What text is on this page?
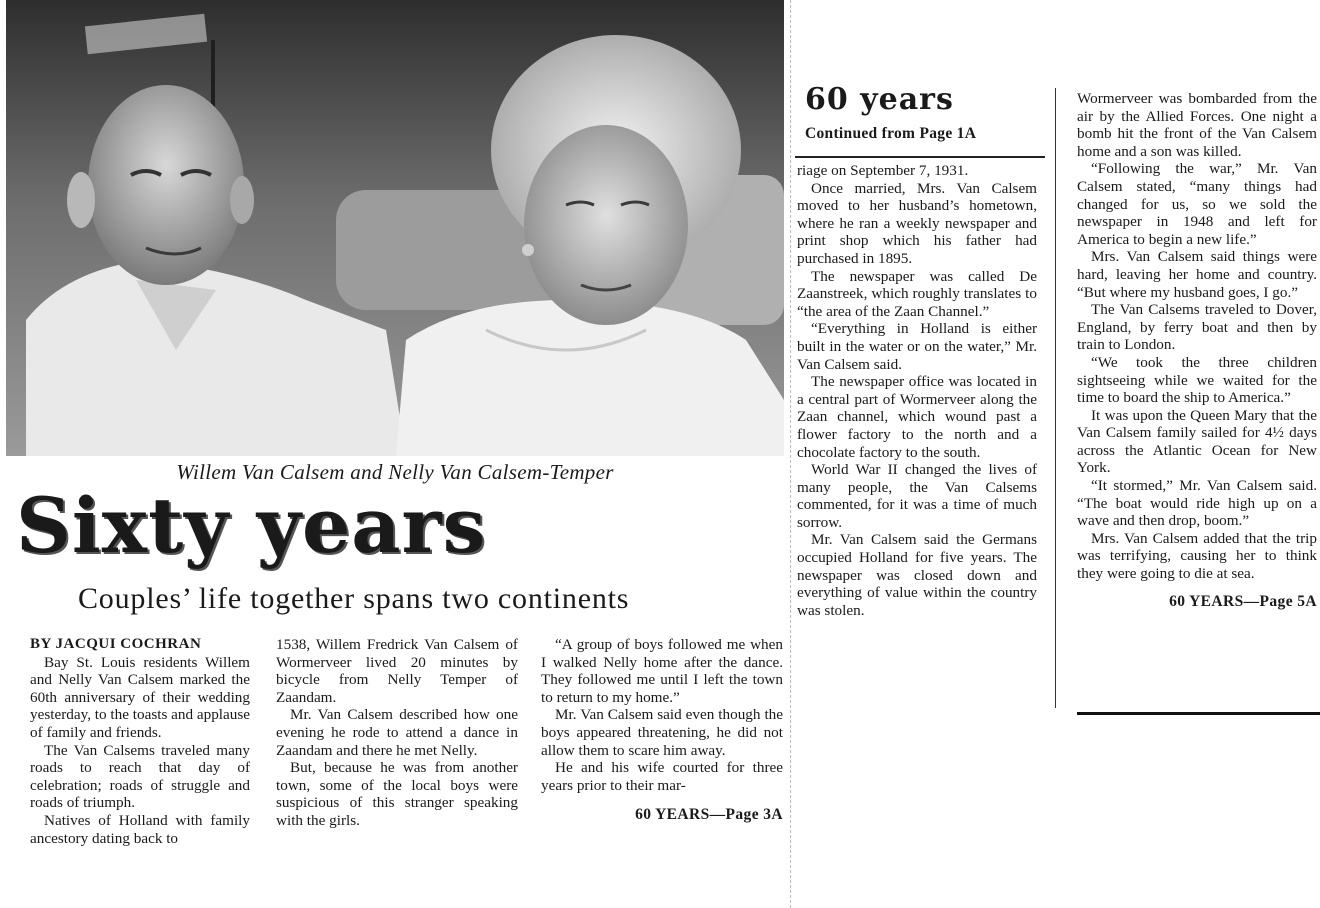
Willem Van Calsem and Nelly Van Calsem-Temper
Sixty years
Couples’ life together spans two continents

BY JACQUI COCHRAN

Bay St. Louis residents Willem and Nelly Van Calsem marked the 60th anniversary of their wedding yesterday, to the toasts and applause of family and friends.

The Van Calsems traveled many roads to reach that day of celebration; roads of struggle and roads of triumph.

Natives of Holland with family ancestory dating back to

1538, Willem Fredrick Van Calsem of Wormerveer lived 20 minutes by bicycle from Nelly Temper of Zaandam.

Mr. Van Calsem described how one evening he rode to attend a dance in Zaandam and there he met Nelly.

But, because he was from another town, some of the local boys were suspicious of this stranger speaking with the girls.

“A group of boys followed me when I walked Nelly home after the dance. They followed me until I left the town to return to my home.”

Mr. Van Calsem said even though the boys appeared threatening, he did not allow them to scare him away.

He and his wife courted for three years prior to their mar-

60 YEARS—Page 3A
60 years
Continued from Page 1A

riage on September 7, 1931.

Once married, Mrs. Van Calsem moved to her husband’s hometown, where he ran a weekly newspaper and print shop which his father had purchased in 1895.

The newspaper was called De Zaanstreek, which roughly translates to “the area of the Zaan Channel.”

“Everything in Holland is either built in the water or on the water,” Mr. Van Calsem said.

The newspaper office was located in a central part of Wormerveer along the Zaan channel, which wound past a flower factory to the north and a chocolate factory to the south.

World War II changed the lives of many people, the Van Calsems commented, for it was a time of much sorrow.

Mr. Van Calsem said the Germans occupied Holland for five years. The newspaper was closed down and everything of value within the country was stolen.

Wormerveer was bombarded from the air by the Allied Forces. One night a bomb hit the front of the Van Calsem home and a son was killed.

“Following the war,” Mr. Van Calsem stated, “many things had changed for us, so we sold the newspaper in 1948 and left for America to begin a new life.”

Mrs. Van Calsem said things were hard, leaving her home and country. “But where my husband goes, I go.”

The Van Calsems traveled to Dover, England, by ferry boat and then by train to London.

“We took the three children sightseeing while we waited for the time to board the ship to America.”

It was upon the Queen Mary that the Van Calsem family sailed for 4½ days across the Atlantic Ocean for New York.

“It stormed,” Mr. Van Calsem said. “The boat would ride high up on a wave and then drop, boom.”

Mrs. Van Calsem added that the trip was terrifying, causing her to think they were going to die at sea.

60 YEARS—Page 5A
